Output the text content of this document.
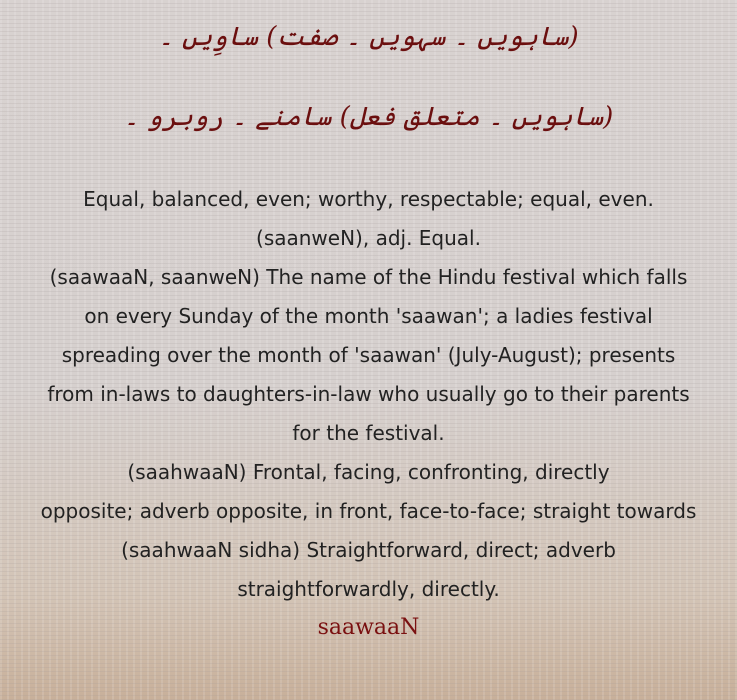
(ساہویں ۔ سہویں ۔ صفت) ساوِیں ۔
(ساہویں ۔ متعلق فعل) سامنے ۔ روبرو ۔
Equal, balanced, even; worthy, respectable; equal, even.
(saanweN), adj. Equal.
(saawaaN, saanweN) The name of the Hindu festival which falls
on every Sunday of the month 'saawan'; a ladies festival
spreading over the month of 'saawan' (July-August); presents
from in-laws to daughters-in-law who usually go to their parents
for the festival.
(saahwaaN) Frontal, facing, confronting, directly
opposite; adverb opposite, in front, face-to-face; straight towards
(saahwaaN sidha) Straightforward, direct; adverb
straightforwardly, directly.
saawaaN
